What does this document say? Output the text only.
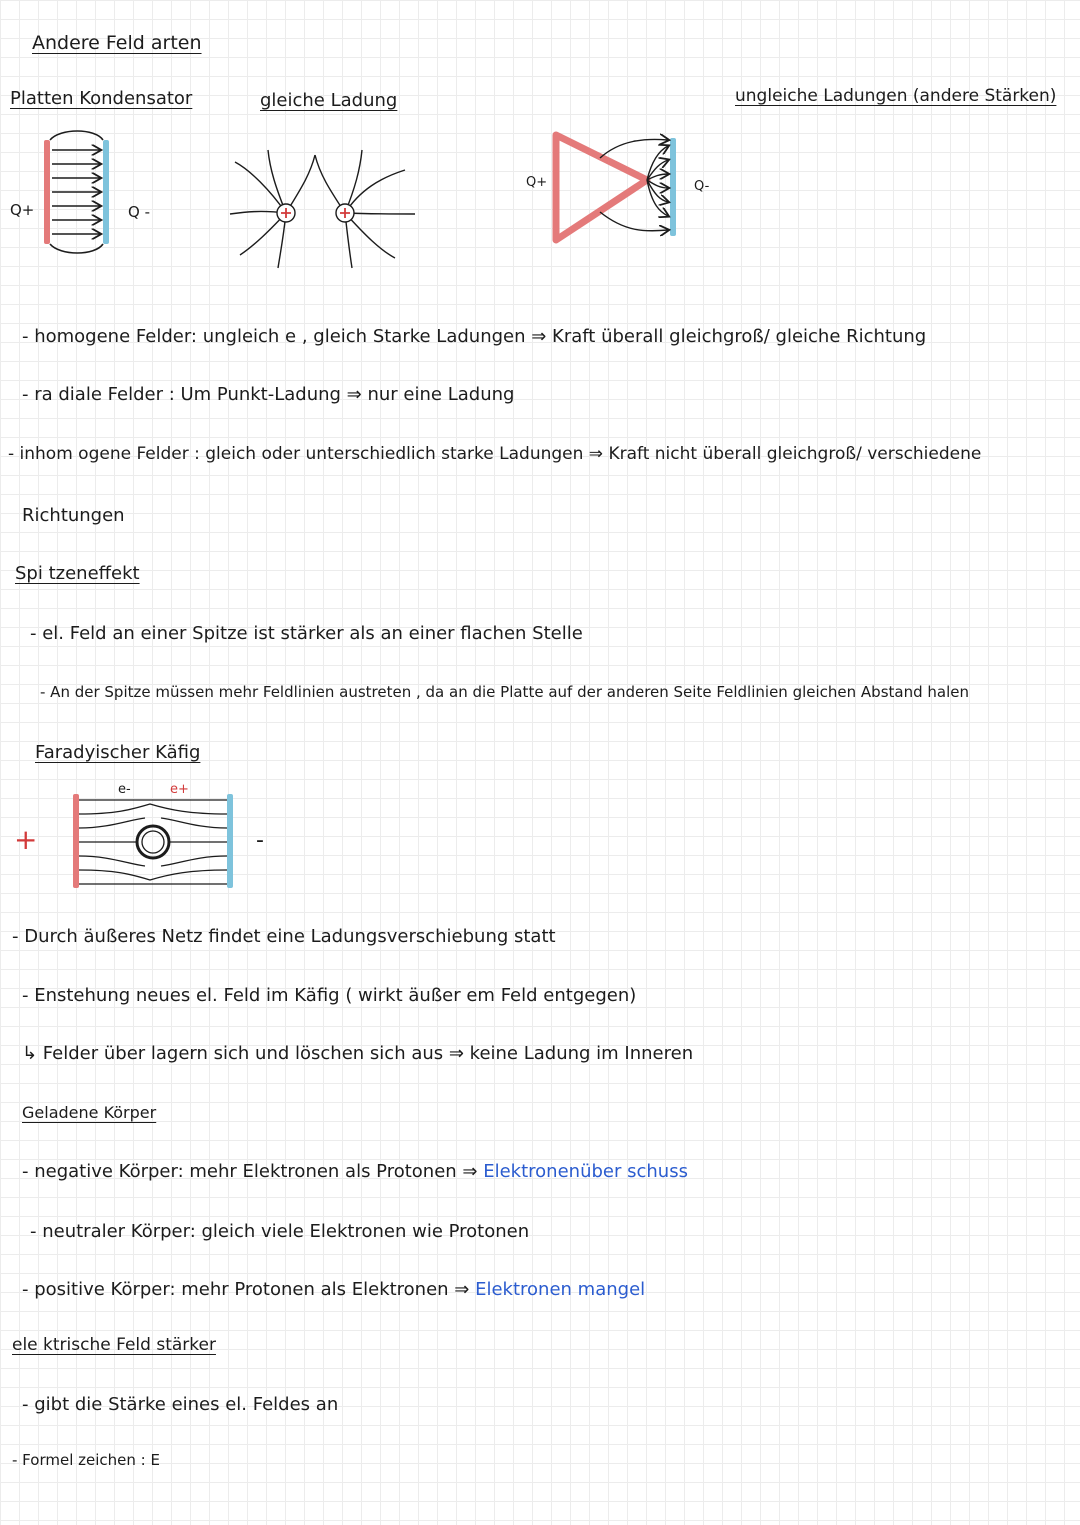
Andere Feld arten
Platten Kondensator	gleiche Ladung	ungleiche Ladungen (andere Stärken)
Q+	Q -
Q+	Q-
- homogene Felder: ungleich e , gleich Starke Ladungen ⇒ Kraft überall gleichgroß/ gleiche Richtung
- ra diale Felder : Um Punkt-Ladung ⇒ nur eine Ladung
- inhom ogene Felder : gleich oder unterschiedlich starke Ladungen ⇒ Kraft nicht überall gleichgroß/ verschiedene
Richtungen
Spi tzeneffekt
- el. Feld an einer Spitze ist stärker als an einer flachen Stelle
- An der Spitze müssen mehr Feldlinien austreten , da an die Platte auf der anderen Seite Feldlinien gleichen Abstand halen
Faradyischer Käfig
+	-
e-	e+
- Durch äußeres Netz findet eine Ladungsverschiebung statt
- Enstehung neues el. Feld im Käfig ( wirkt äußer em Feld entgegen)
↳ Felder über lagern sich und löschen sich aus ⇒ keine Ladung im Inneren
Geladene Körper
- negative Körper: mehr Elektronen als Protonen ⇒ Elektronenüber schuss
- neutraler Körper: gleich viele Elektronen wie Protonen
- positive Körper: mehr Protonen als Elektronen ⇒ Elektronen mangel
ele ktrische Feld stärker
- gibt die Stärke eines el. Feldes an
- Formel zeichen : E
